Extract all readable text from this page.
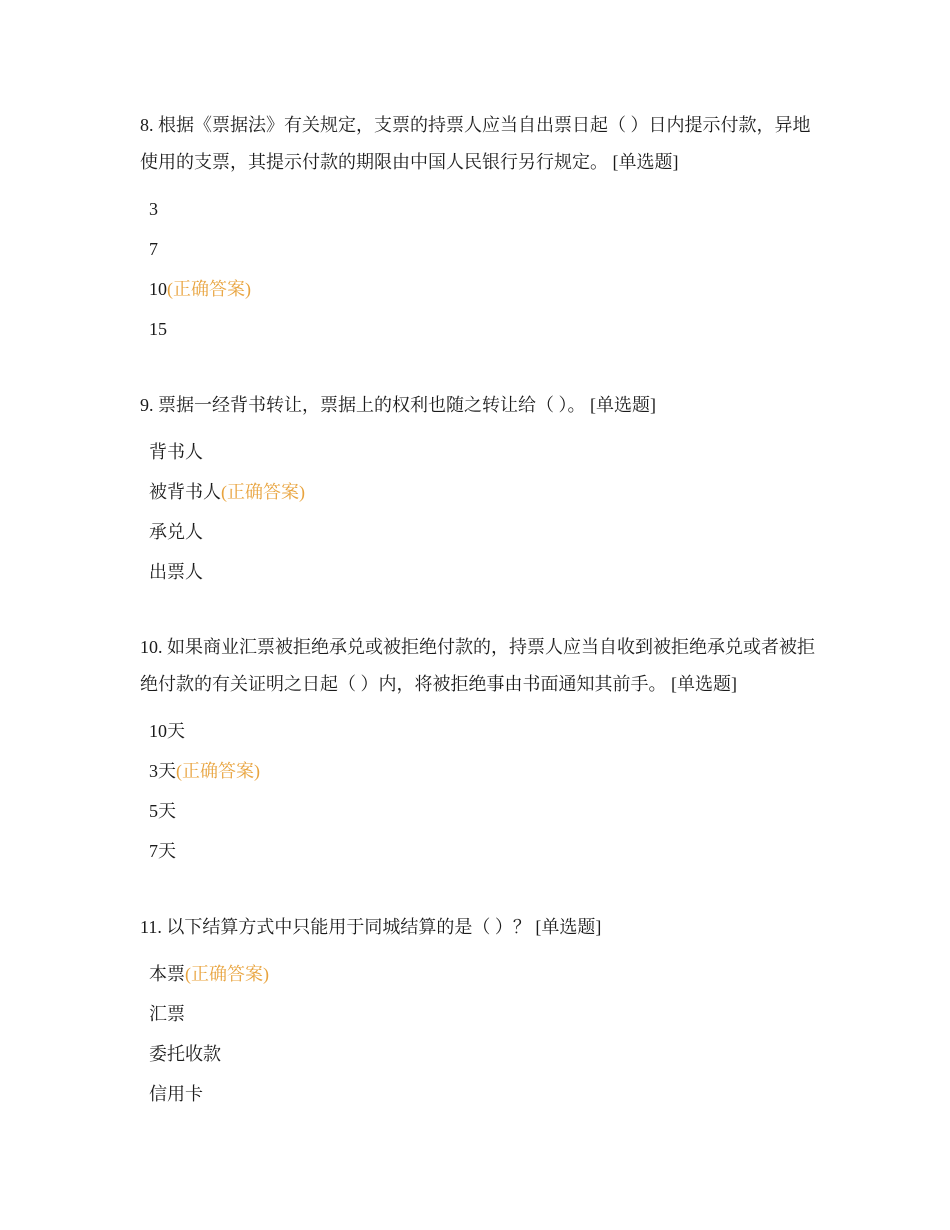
8. 根据《票据法》有关规定，支票的持票人应当自出票日起（ ）日内提示付款，异地使用的支票，其提示付款的期限由中国人民银行另行规定。 [单选题]

3
7
10(正确答案)
15

9. 票据一经背书转让，票据上的权利也随之转让给（ ）。 [单选题]

背书人
被背书人(正确答案)
承兑人
出票人

10. 如果商业汇票被拒绝承兑或被拒绝付款的，持票人应当自收到被拒绝承兑或者被拒绝付款的有关证明之日起（ ）内，将被拒绝事由书面通知其前手。 [单选题]

10天
3天(正确答案)
5天
7天

11. 以下结算方式中只能用于同城结算的是（ ）？ [单选题]

本票(正确答案)
汇票
委托收款
信用卡
